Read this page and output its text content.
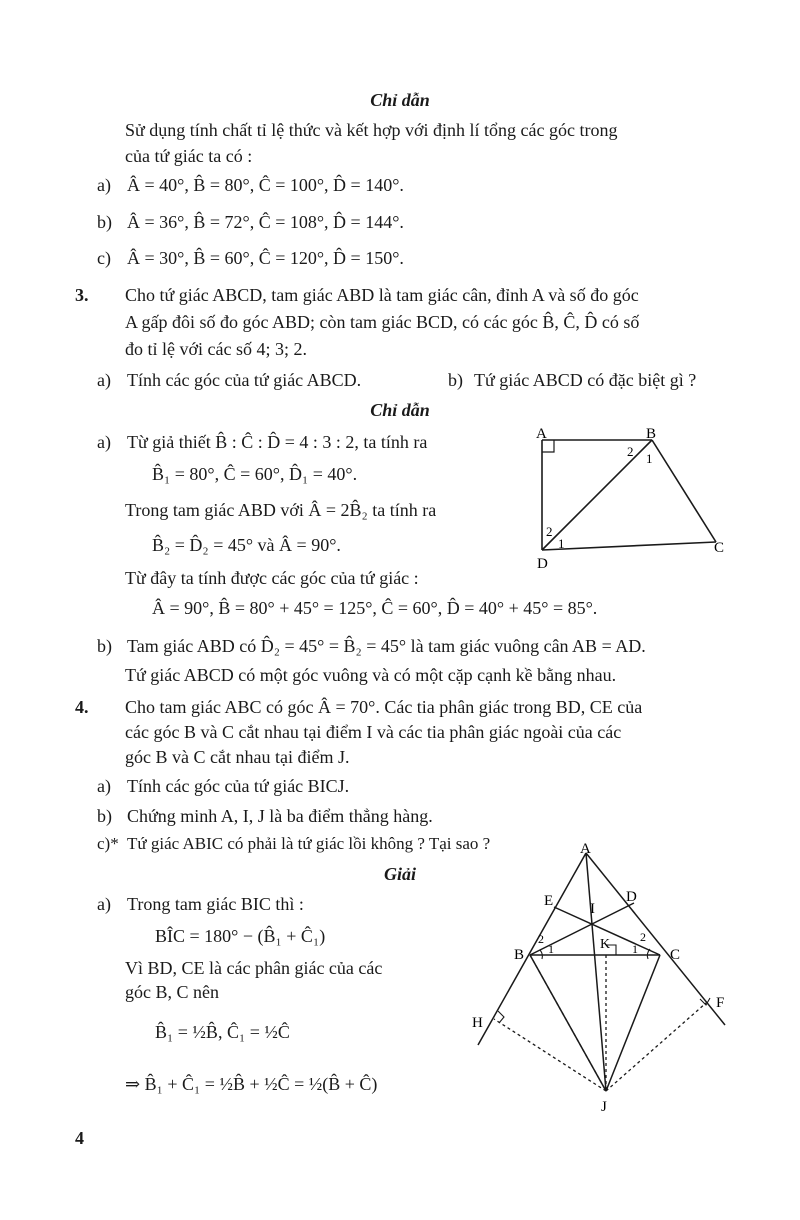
Chỉ dẫn
Sử dụng tính chất tỉ lệ thức và kết hợp với định lí tổng các góc trong
của tứ giác ta có :
a) Â = 40°, B̂ = 80°, Ĉ = 100°, D̂ = 140°.
b) Â = 36°, B̂ = 72°, Ĉ = 108°, D̂ = 144°.
c) Â = 30°, B̂ = 60°, Ĉ = 120°, D̂ = 150°.
3. Cho tứ giác ABCD, tam giác ABD là tam giác cân, đỉnh A và số đo góc
A gấp đôi số đo góc ABD; còn tam giác BCD, có các góc B̂, Ĉ, D̂ có số
đo tỉ lệ với các số 4; 3; 2.
a) Tính các góc của tứ giác ABCD.	b) Tứ giác ABCD có đặc biệt gì ?
Chỉ dẫn
a) Từ giả thiết B̂ : Ĉ : D̂ = 4 : 3 : 2, ta tính ra
B̂₁ = 80°, Ĉ = 60°, D̂₁ = 40°.
Trong tam giác ABD với Â = 2B̂₂ ta tính ra
B̂₂ = D̂₂ = 45° và Â = 90°.
Từ đây ta tính được các góc của tứ giác :
Â = 90°, B̂ = 80° + 45° = 125°, Ĉ = 60°, D̂ = 40° + 45° = 85°.
b) Tam giác ABD có D̂₂ = 45° = B̂₂ = 45° là tam giác vuông cân AB = AD.
Tứ giác ABCD có một góc vuông và có một cặp cạnh kề bằng nhau.
A	B
C
D
2 1
2
1
4. Cho tam giác ABC có góc Â = 70°. Các tia phân giác trong BD, CE của
các góc B và C cắt nhau tại điểm I và các tia phân giác ngoài của các
góc B và C cắt nhau tại điểm J.
a) Tính các góc của tứ giác BICJ.
b) Chứng minh A, I, J là ba điểm thẳng hàng.
c)* Tứ giác ABIC có phải là tứ giác lồi không ? Tại sao ?
Giải
a) Trong tam giác BIC thì :
BÎC = 180° − (B̂₁ + Ĉ₁)
Vì BD, CE là các phân giác của các
góc B, C nên
B̂₁ = ½B̂, Ĉ₁ = ½Ĉ
⇒ B̂₁ + Ĉ₁ = ½B̂ + ½Ĉ = ½(B̂ + Ĉ)
A
B	C
D
E
F
H
I
J
K
2
1
2
1
4
